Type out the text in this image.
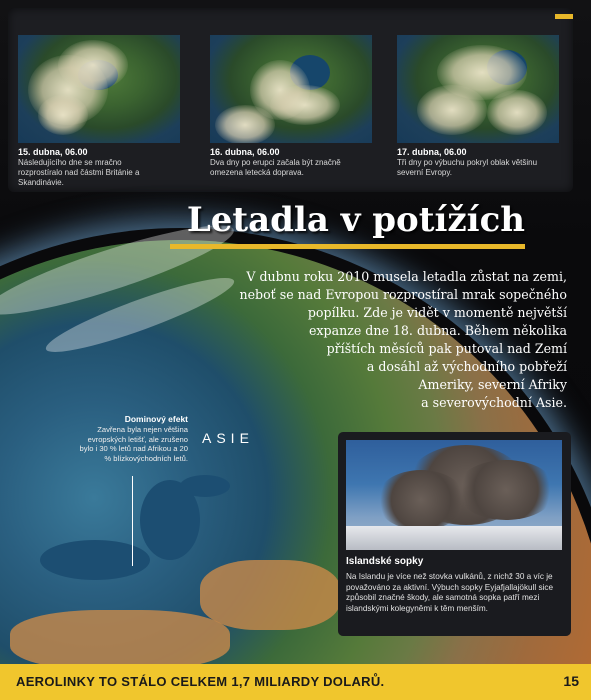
15. dubna, 06.00
Následujícího dne se mračno rozprostíralo nad částmi Británie a Skandinávie.
16. dubna, 06.00
Dva dny po erupci začala být značně omezena letecká doprava.
17. dubna, 06.00
Tři dny po výbuchu pokryl oblak většinu severní Evropy.
Letadla v potížích
V dubnu roku 2010 musela letadla zůstat na zemi,
neboť se nad Evropou rozprostíral mrak sopečného
popílku. Zde je vidět v momentě největší
expanze dne 18. dubna. Během několika
příštích měsíců pak putoval nad Zemí
a dosáhl až východního pobřeží
Ameriky, severní Afriky
a severovýchodní Asie.
Dominový efekt
Zavřena byla nejen většina evropských letišť, ale zrušeno bylo i 30 % letů nad Afrikou a 20 % blízkovýchodních letů.
ASIE
Islandské sopky
Na Islandu je více než stovka vulkánů, z nichž 30 a víc je považováno za aktivní. Výbuch sopky Eyjafjallajökull sice způsobil značné škody, ale samotná sopka patří mezi islandskými kolegyněmi k těm menším.
AEROLINKY TO STÁLO CELKEM 1,7 MILIARDY DOLARŮ.	15
